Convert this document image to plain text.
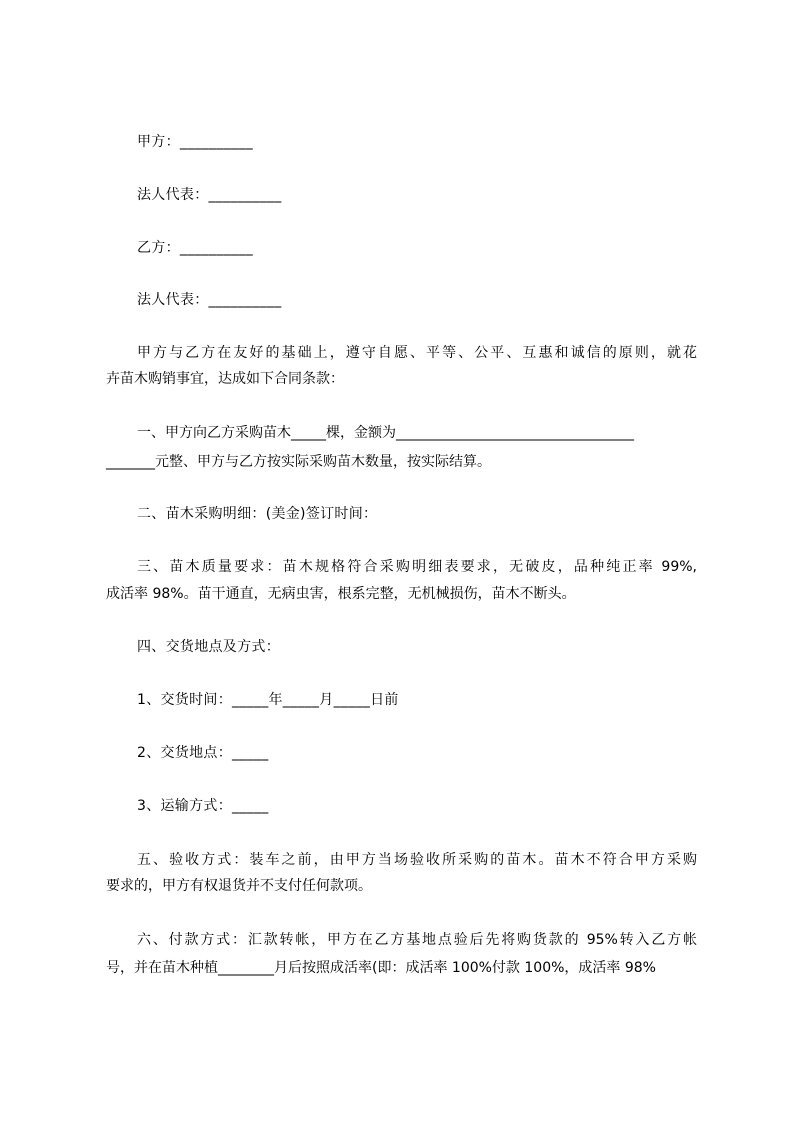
甲方：__________
法人代表：__________
乙方：__________
法人代表：__________
甲方与乙方在友好的基础上，遵守自愿、平等、公平、互惠和诚信的原则，就花
卉苗木购销事宜，达成如下合同条款：
一、甲方向乙方采购苗木_____棵，金额为__________________________________
_______元整、甲方与乙方按实际采购苗木数量，按实际结算。
二、苗木采购明细：(美金)签订时间：
三、苗木质量要求：苗木规格符合采购明细表要求，无破皮，品种纯正率 99%,
成活率 98%。苗干通直，无病虫害，根系完整，无机械损伤，苗木不断头。
四、交货地点及方式：
1、交货时间：_____年_____月_____日前
2、交货地点：_____
3、运输方式：_____
五、验收方式：装车之前，由甲方当场验收所采购的苗木。苗木不符合甲方采购
要求的，甲方有权退货并不支付任何款项。
六、付款方式：汇款转帐，甲方在乙方基地点验后先将购货款的 95%转入乙方帐
号，并在苗木种植________月后按照成活率(即：成活率 100%付款 100%，成活率 98%
